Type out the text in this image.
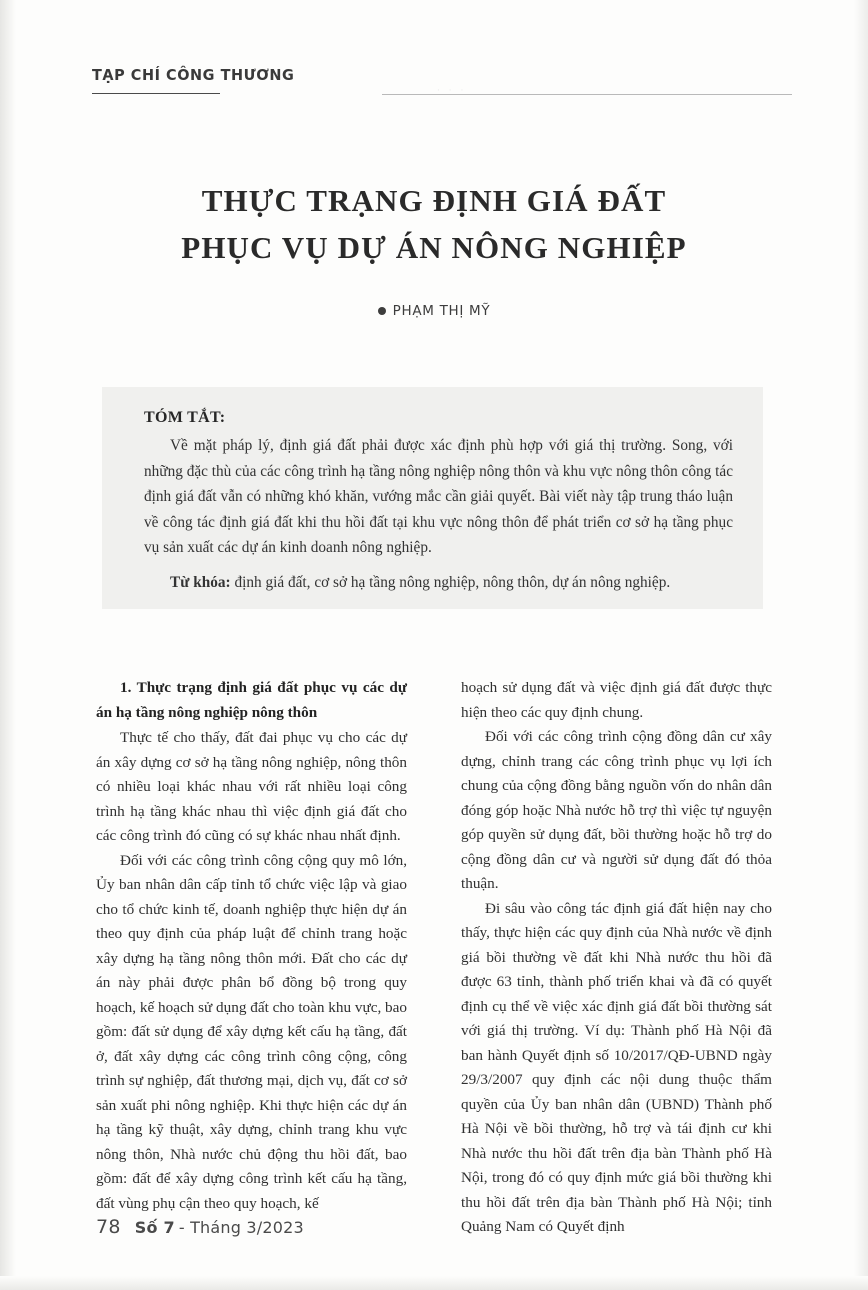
TẠP CHÍ CÔNG THƯƠNG
· · ·
THỰC TRẠNG ĐỊNH GIÁ ĐẤT
PHỤC VỤ DỰ ÁN NÔNG NGHIỆP
PHẠM THỊ MỸ
TÓM TẮT:

Về mặt pháp lý, định giá đất phải được xác định phù hợp với giá thị trường. Song, với những đặc thù của các công trình hạ tầng nông nghiệp nông thôn và khu vực nông thôn công tác định giá đất vẫn có những khó khăn, vướng mắc cần giải quyết. Bài viết này tập trung tháo luận về công tác định giá đất khi thu hồi đất tại khu vực nông thôn để phát triển cơ sở hạ tầng phục vụ sản xuất các dự án kinh doanh nông nghiệp.

Từ khóa: định giá đất, cơ sở hạ tầng nông nghiệp, nông thôn, dự án nông nghiệp.

1. Thực trạng định giá đất phục vụ các dự án hạ tầng nông nghiệp nông thôn

Thực tế cho thấy, đất đai phục vụ cho các dự án xây dựng cơ sở hạ tầng nông nghiệp, nông thôn có nhiều loại khác nhau với rất nhiều loại công trình hạ tầng khác nhau thì việc định giá đất cho các công trình đó cũng có sự khác nhau nhất định.

Đối với các công trình công cộng quy mô lớn, Ủy ban nhân dân cấp tỉnh tổ chức việc lập và giao cho tổ chức kinh tế, doanh nghiệp thực hiện dự án theo quy định của pháp luật để chỉnh trang hoặc xây dựng hạ tầng nông thôn mới. Đất cho các dự án này phải được phân bổ đồng bộ trong quy hoạch, kế hoạch sử dụng đất cho toàn khu vực, bao gồm: đất sử dụng để xây dựng kết cấu hạ tầng, đất ở, đất xây dựng các công trình công cộng, công trình sự nghiệp, đất thương mại, dịch vụ, đất cơ sở sản xuất phi nông nghiệp. Khi thực hiện các dự án hạ tầng kỹ thuật, xây dựng, chỉnh trang khu vực nông thôn, Nhà nước chủ động thu hồi đất, bao gồm: đất để xây dựng công trình kết cấu hạ tầng, đất vùng phụ cận theo quy hoạch, kế

hoạch sử dụng đất và việc định giá đất được thực hiện theo các quy định chung.

Đối với các công trình cộng đồng dân cư xây dựng, chỉnh trang các công trình phục vụ lợi ích chung của cộng đồng bằng nguồn vốn do nhân dân đóng góp hoặc Nhà nước hỗ trợ thì việc tự nguyện góp quyền sử dụng đất, bồi thường hoặc hỗ trợ do cộng đồng dân cư và người sử dụng đất đó thỏa thuận.

Đi sâu vào công tác định giá đất hiện nay cho thấy, thực hiện các quy định của Nhà nước về định giá bồi thường về đất khi Nhà nước thu hồi đã được 63 tỉnh, thành phố triển khai và đã có quyết định cụ thể về việc xác định giá đất bồi thường sát với giá thị trường. Ví dụ: Thành phố Hà Nội đã ban hành Quyết định số 10/2017/QĐ-UBND ngày 29/3/2007 quy định các nội dung thuộc thẩm quyền của Ủy ban nhân dân (UBND) Thành phố Hà Nội về bồi thường, hỗ trợ và tái định cư khi Nhà nước thu hồi đất trên địa bàn Thành phố Hà Nội, trong đó có quy định mức giá bồi thường khi thu hồi đất trên địa bàn Thành phố Hà Nội; tỉnh Quảng Nam có Quyết định

78 Số 7 - Tháng 3/2023
